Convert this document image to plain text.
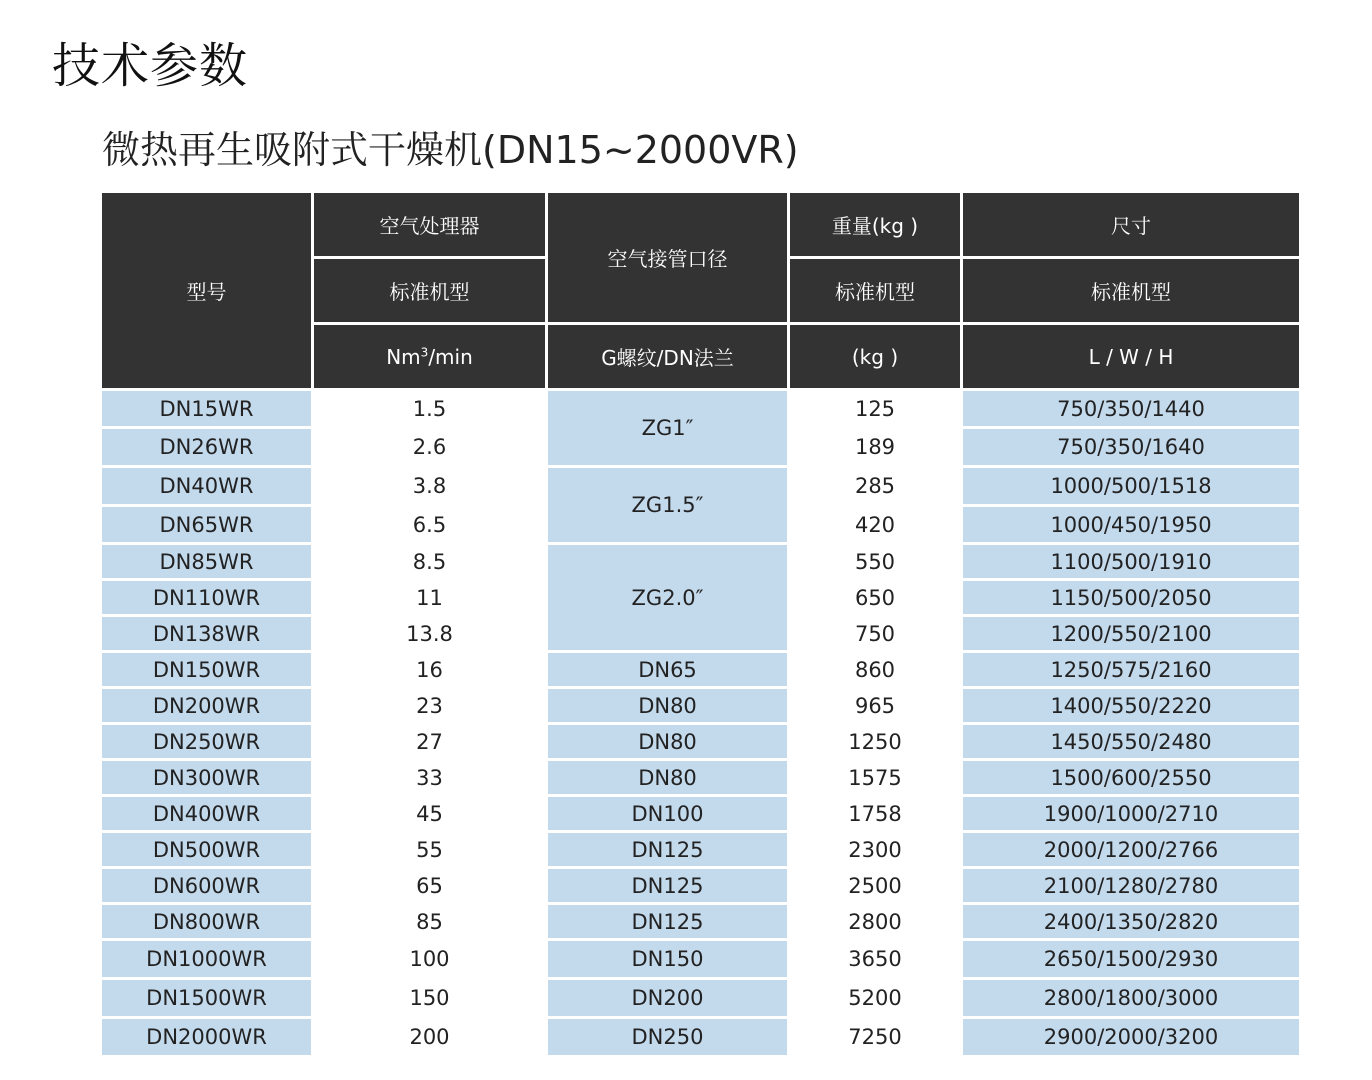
技术参数
微热再生吸附式干燥机(DN15~2000VR)
型号	空气处理器	空气接管口径	重量(kg )	尺寸
	标准机型		标准机型	标准机型
	Nm$^3$/min	G螺纹/DN法兰	(kg )	L / W / H
DN15WR	1.5	ZG1″	125	750/350/1440
DN26WR	2.6		189	750/350/1640
DN40WR	3.8	ZG1.5″	285	1000/500/1518
DN65WR	6.5		420	1000/450/1950
DN85WR	8.5	ZG2.0″	550	1100/500/1910
DN110WR	11		650	1150/500/2050
DN138WR	13.8		750	1200/550/2100
DN150WR	16	DN65	860	1250/575/2160
DN200WR	23	DN80	965	1400/550/2220
DN250WR	27	DN80	1250	1450/550/2480
DN300WR	33	DN80	1575	1500/600/2550
DN400WR	45	DN100	1758	1900/1000/2710
DN500WR	55	DN125	2300	2000/1200/2766
DN600WR	65	DN125	2500	2100/1280/2780
DN800WR	85	DN125	2800	2400/1350/2820
DN1000WR	100	DN150	3650	2650/1500/2930
DN1500WR	150	DN200	5200	2800/1800/3000
DN2000WR	200	DN250	7250	2900/2000/3200
